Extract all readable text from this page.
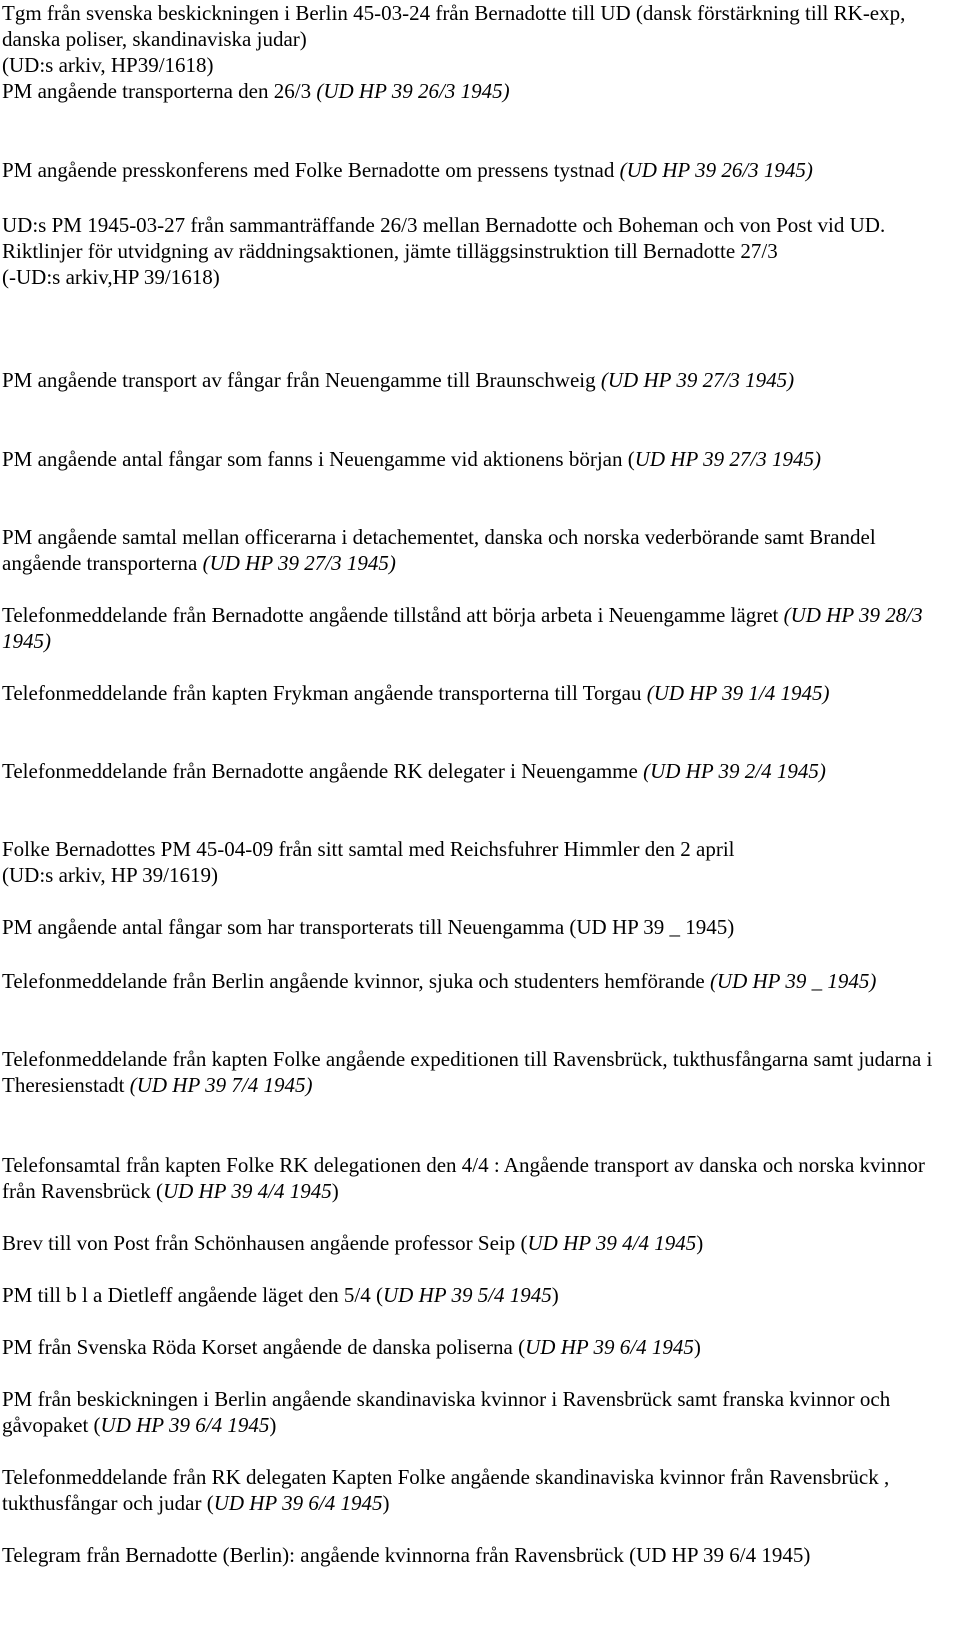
Tgm från svenska beskickningen i Berlin 45-03-24 från Bernadotte till UD (dansk förstärkning till RK-exp, danska poliser, skandinaviska judar)
(UD:s arkiv, HP39/1618)

PM angående transporterna den 26/3 (UD HP 39 26/3 1945)

PM angående presskonferens med Folke Bernadotte om pressens tystnad (UD HP 39 26/3 1945)

UD:s PM 1945-03-27 från sammanträffande 26/3 mellan Bernadotte och Boheman och von Post vid UD. Riktlinjer för utvidgning av räddningsaktionen, jämte tilläggsinstruktion till Bernadotte 27/3
(-UD:s arkiv,HP 39/1618)

PM angående transport av fångar från Neuengamme till Braunschweig (UD HP 39 27/3 1945)

PM angående antal fångar som fanns i Neuengamme vid aktionens början (UD HP 39 27/3 1945)

PM angående samtal mellan officerarna i detachementet, danska och norska vederbörande samt Brandel angående transporterna (UD HP 39 27/3 1945)

Telefonmeddelande från Bernadotte angående tillstånd att börja arbeta i Neuengamme lägret (UD HP 39 28/3 1945)

Telefonmeddelande från kapten Frykman angående transporterna till Torgau (UD HP 39 1/4 1945)

Telefonmeddelande från Bernadotte angående RK delegater i Neuengamme (UD HP 39 2/4 1945)

Folke Bernadottes PM 45-04-09 från sitt samtal med Reichsfuhrer Himmler den 2 april
(UD:s arkiv, HP 39/1619)

PM angående antal fångar som har transporterats till Neuengamma (UD HP 39 _ 1945)

Telefonmeddelande från Berlin angående kvinnor, sjuka och studenters hemförande (UD HP 39 _ 1945)

Telefonmeddelande från kapten Folke angående expeditionen till Ravensbrück, tukthusfångarna samt judarna i Theresienstadt (UD HP 39 7/4 1945)

Telefonsamtal från kapten Folke RK delegationen den 4/4 : Angående transport av danska och norska kvinnor från Ravensbrück (UD HP 39 4/4 1945)

Brev till von Post från Schönhausen angående professor Seip (UD HP 39 4/4 1945)

PM till b l a Dietleff angående läget den 5/4 (UD HP 39 5/4 1945)

PM från Svenska Röda Korset angående de danska poliserna (UD HP 39 6/4 1945)

PM från beskickningen i Berlin angående skandinaviska kvinnor i Ravensbrück samt franska kvinnor och gåvopaket (UD HP 39 6/4 1945)

Telefonmeddelande från RK delegaten Kapten Folke angående skandinaviska kvinnor från Ravensbrück , tukthusfångar och judar (UD HP 39 6/4 1945)

Telegram från Bernadotte (Berlin): angående kvinnorna från Ravensbrück (UD HP 39 6/4 1945)
